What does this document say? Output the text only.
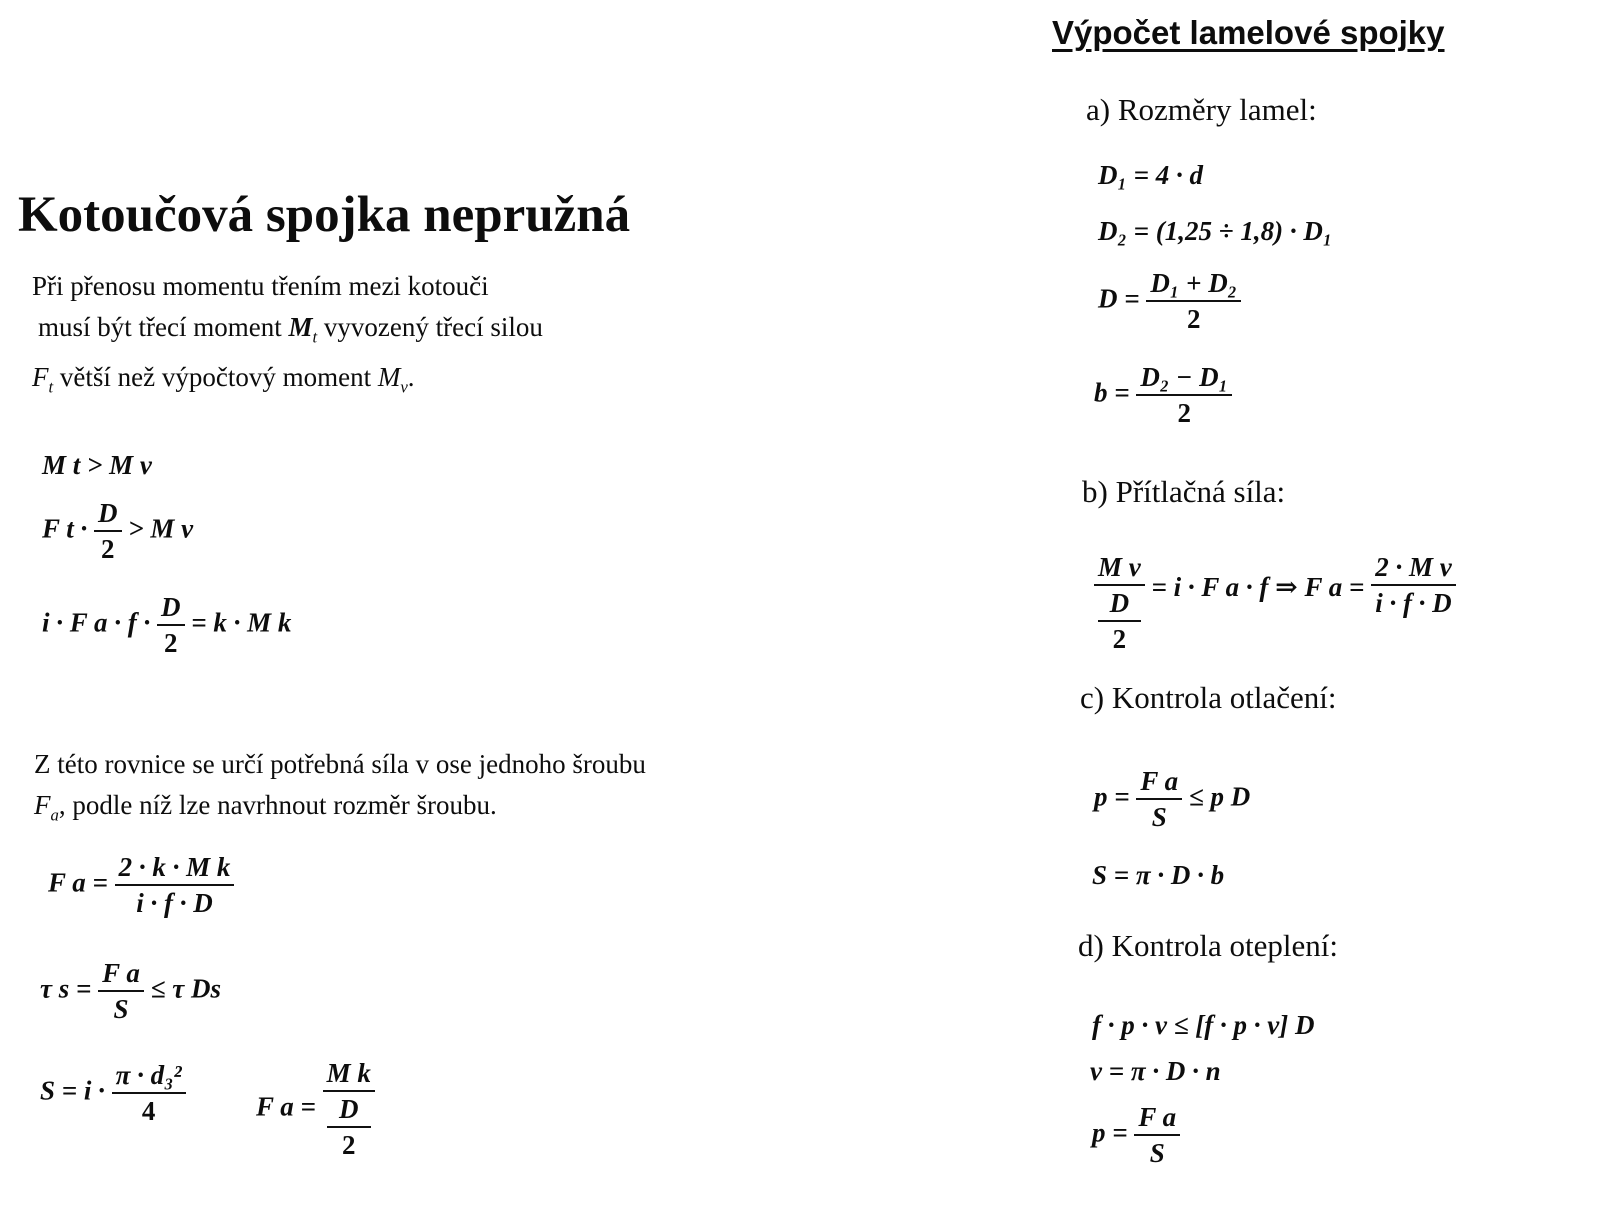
Výpočet lamelové spojky
Kotoučová spojka nepružná
Při přenosu momentu třením mezi kotouči
musí být třecí moment $M_t$ vyvozený třecí silou
$F_t$ větší než výpočtový moment $M_v$.
M t > M v
F $t \cdot \frac{D}{2} > M$ v
i · F $a \cdot f \cdot \frac{D}{2} = k \cdot M$ k
Z této rovnice se určí potřebná síla v ose jednoho šroubu
$F_a$, podle níž lze navrhnout rozměr šroubu.
F $a = \frac{\text{2 · k · M k}}{i \cdot f \cdot D}$
τ $s = \frac{\text{F a}}{S} \le \tau$ Ds
$S = i \cdot \frac{\text{π · d₃²}}{4}$	F a = M k
D
2
a) Rozměry lamel:
D₁ = 4 · d
D₂ = (1,25 ÷ 1,8) · D₁
$D = \frac{\text{D₁ + D₂}}{2}$
$b = \frac{\text{D₂ − D₁}}{2}$
b) Přítlačná síla:
M v
D
2 = i · F a · f ⇒ F $a = \frac{\text{2 · M v}}{i \cdot f \cdot D}$
c) Kontrola otlačení:
$p = \frac{\text{F a}}{S} \le p$ D
S = π · D · b
d) Kontrola oteplení:
f · p · v ≤ [f · p · v] D
v = π · D · n
$p = \frac{\text{F a}}{S}$
